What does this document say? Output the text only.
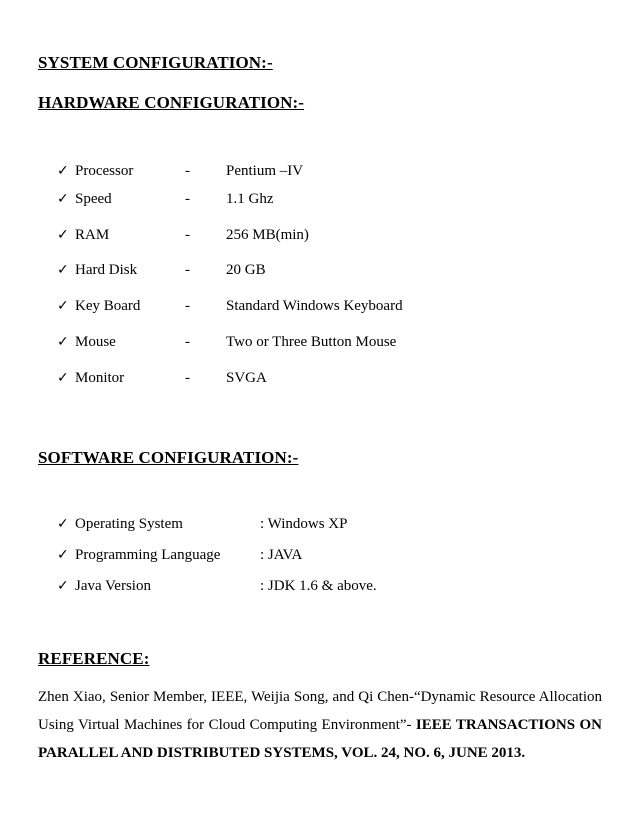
SYSTEM CONFIGURATION:-
HARDWARE CONFIGURATION:-
✓ Processor	- Pentium –IV
✓ Speed	- 1.1 Ghz
✓ RAM	- 256 MB(min)
✓ Hard Disk	- 20 GB
✓ Key Board	- Standard Windows Keyboard
✓ Mouse	- Two or Three Button Mouse
✓ Monitor	- SVGA
SOFTWARE CONFIGURATION:-
✓ Operating System	: Windows XP
✓ Programming Language	: JAVA
✓ Java Version	: JDK 1.6 & above.
REFERENCE:

Zhen Xiao, Senior Member, IEEE, Weijia Song, and Qi Chen-“Dynamic Resource Allocation Using Virtual Machines for Cloud Computing Environment”- IEEE TRANSACTIONS ON PARALLEL AND DISTRIBUTED SYSTEMS, VOL. 24, NO. 6, JUNE 2013.
